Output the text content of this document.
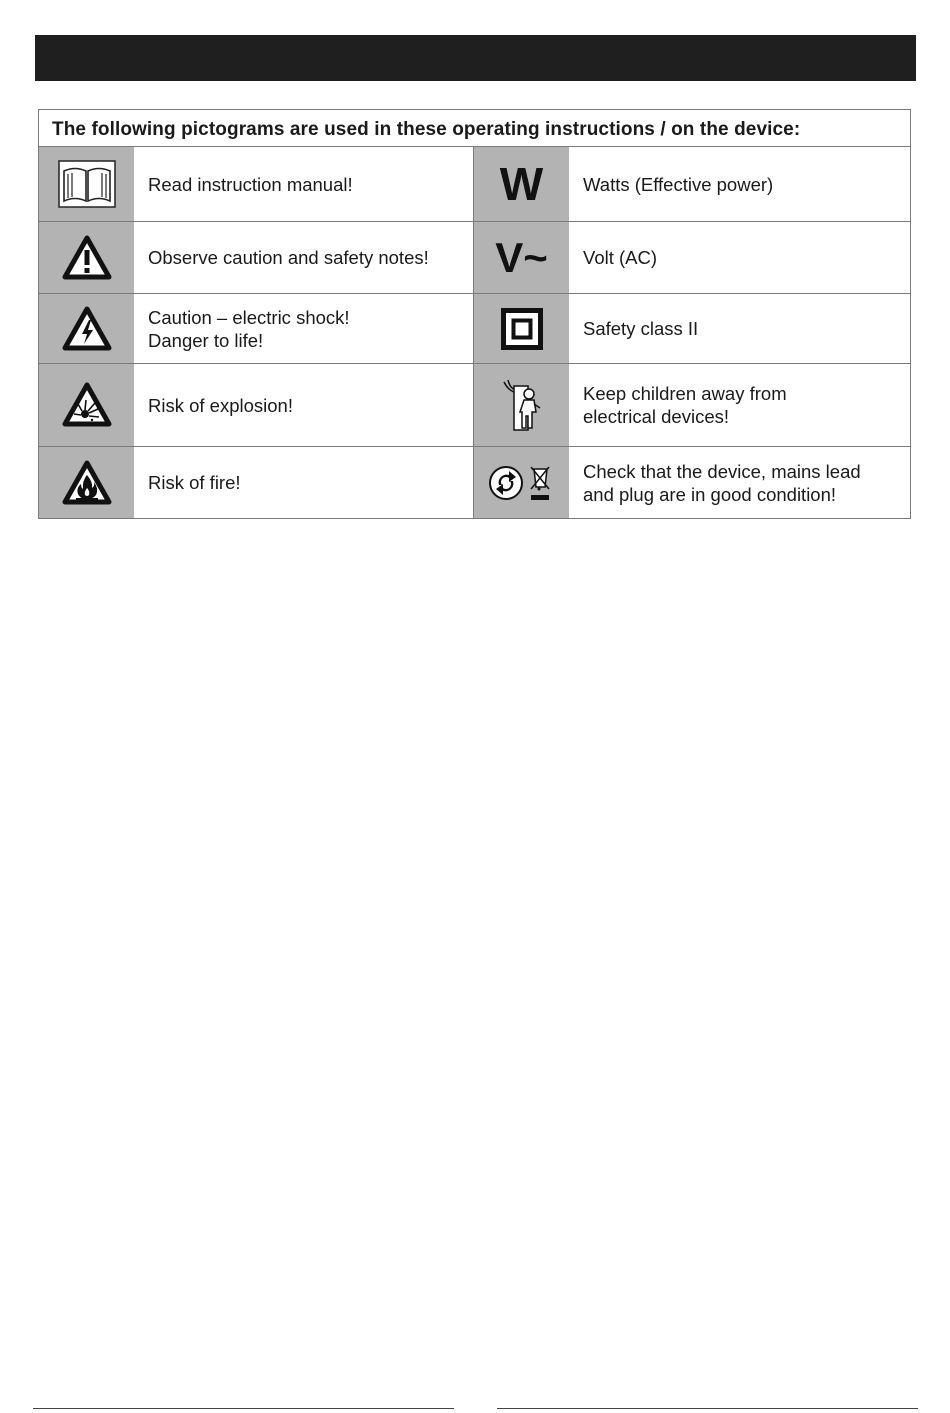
The following pictograms are used in these operating instructions / on the device:
Read instruction manual!	W Watts (Effective power)
Observe caution and safety notes!	V~ Volt (AC)
Caution – electric shock!
Danger to life!
Safety class II
Risk of explosion!
Keep children away from
electrical devices!
Risk of fire!
Check that the device, mains lead
and plug are in good condition!
